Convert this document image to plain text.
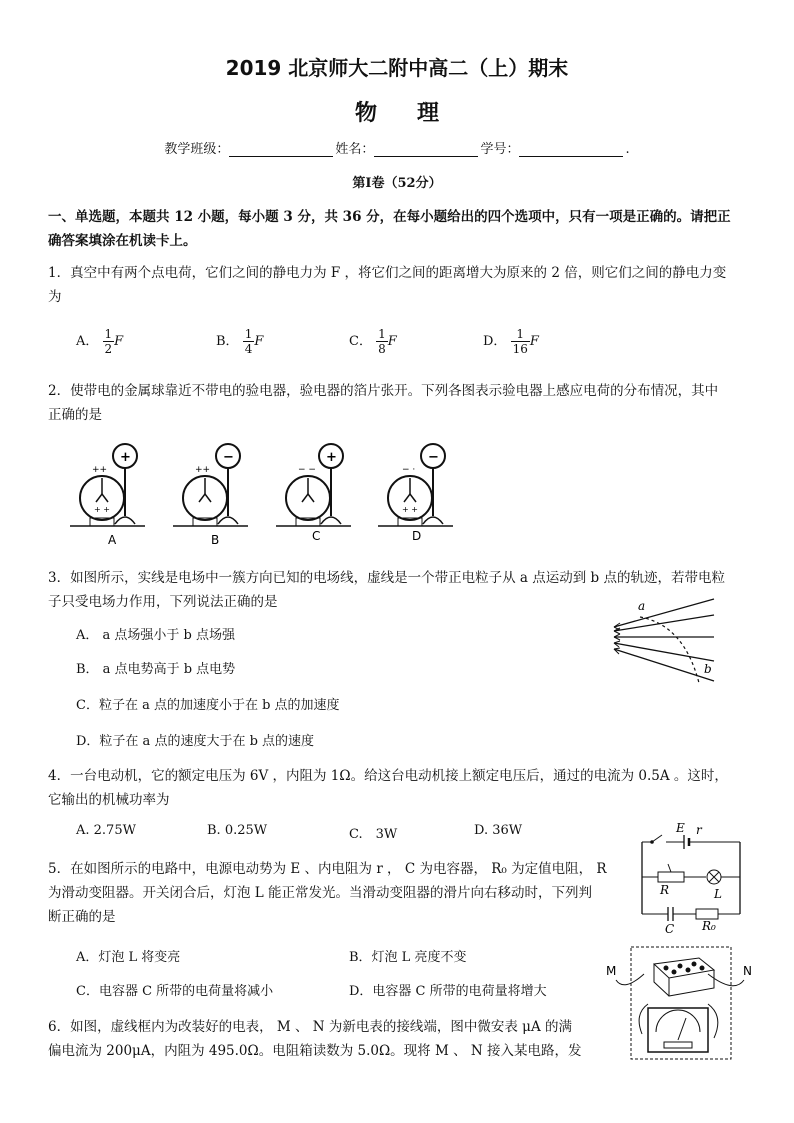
2019 北京师大二附中高二（上）期末
物理
教学班级：	姓名：	学号：	.
第Ⅰ卷（52分）
一、单选题，本题共 12 小题，每小题 3 分，共 36 分，在每小题给出的四个选项中，只有一项是正确的。请把正
确答案填涂在机读卡上。
1．真空中有两个点电荷，它们之间的静电力为 F ，将它们之间的距离增大为原来的 2 倍，则它们之间的静电力变
为
A． $\frac{1}{2}$ F	B． $\frac{1}{4}$ F	C． $\frac{1}{8}$ F	D． $\frac{1}{16}$ F
2．使带电的金属球靠近不带电的验电器，验电器的箔片张开。下列各图表示验电器上感应电荷的分布情况，其中
正确的是
++
+ +
+
++
−
− −
+
− ·
+ +
−
A	B	C	D
3．如图所示，实线是电场中一簇方向已知的电场线，虚线是一个带正电粒子从 a 点运动到 b 点的轨迹，若带电粒
子只受电场力作用，下列说法正确的是
A． a 点场强小于 b 点场强
B． a 点电势高于 b 点电势
C．粒子在 a 点的加速度小于在 b 点的加速度
D．粒子在 a 点的速度大于在 b 点的速度
a
b
4．一台电动机，它的额定电压为 6V ，内阻为 1Ω。给这台电动机接上额定电压后，通过的电流为 0.5A 。这时，
它输出的机械功率为
A. 2.75W	B. 0.25W	C.　3W	D. 36W
5．在如图所示的电路中，电源电动势为 E 、内电阻为 r ， C 为电容器， R₀ 为定值电阻， R
为滑动变阻器。开关闭合后，灯泡 L 能正常发光。当滑动变阻器的滑片向右移动时，下列判
断正确的是
A．灯泡 L 将变亮	B．灯泡 L 亮度不变
C．电容器 C 所带的电荷量将减小	D．电容器 C 所带的电荷量将增大
E r
R	L
C R₀
6．如图，虚线框内为改装好的电表， M 、 N 为新电表的接线端，图中微安表 μA 的满
偏电流为 200μA，内阻为 495.0Ω。电阻箱读数为 5.0Ω。现将 M 、 N 接入某电路，发
M	N
